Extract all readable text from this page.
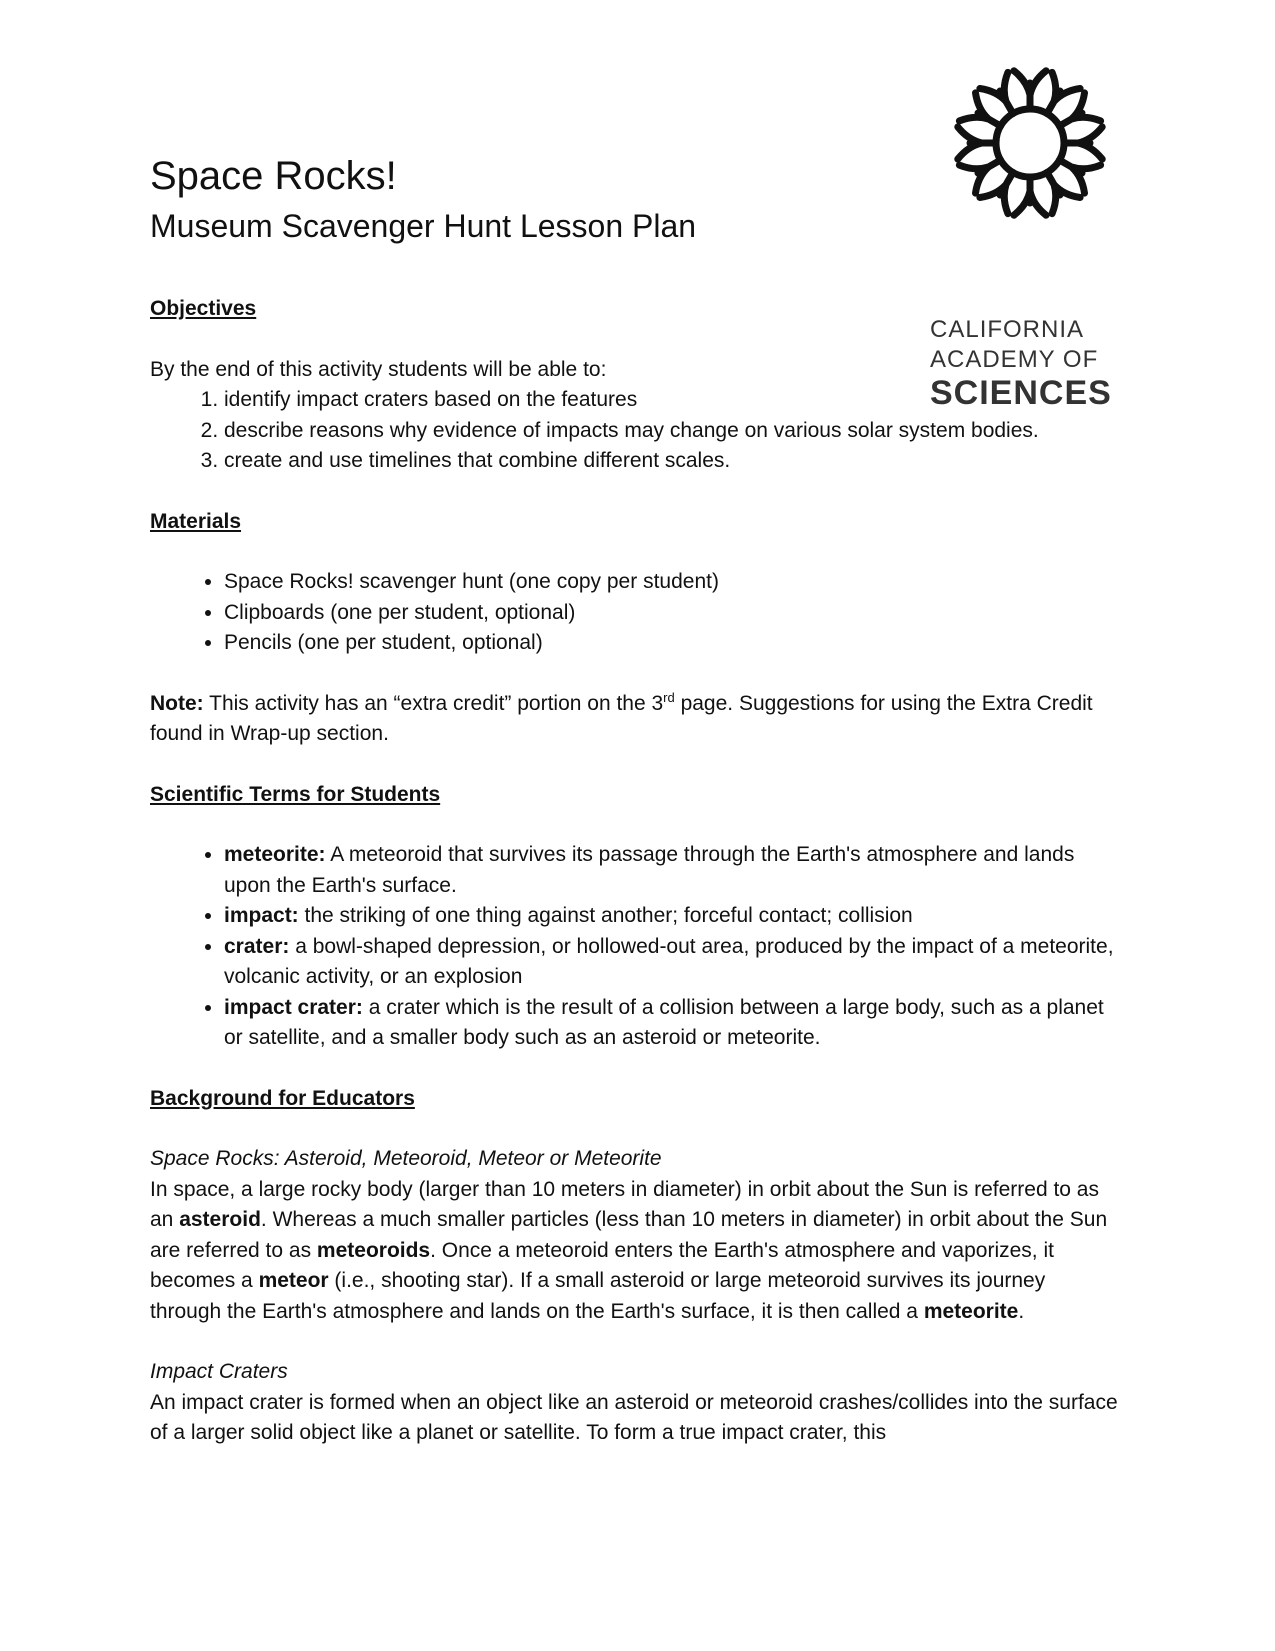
Space Rocks!
Museum Scavenger Hunt Lesson Plan
CALIFORNIA
ACADEMY OF
SCIENCES
Objectives

By the end of this activity students will be able to:

1. identify impact craters based on the features
2. describe reasons why evidence of impacts may change on various solar system bodies.
3. create and use timelines that combine different scales.
Materials
• Space Rocks! scavenger hunt (one copy per student)
• Clipboards (one per student, optional)
• Pencils (one per student, optional)

Note: This activity has an “extra credit” portion on the 3rd page. Suggestions for using the Extra Credit found in Wrap-up section.

Scientific Terms for Students
• meteorite: A meteoroid that survives its passage through the Earth's atmosphere and lands upon the Earth's surface.
• impact: the striking of one thing against another; forceful contact; collision
• crater: a bowl-shaped depression, or hollowed-out area, produced by the impact of a meteorite, volcanic activity, or an explosion
• impact crater: a crater which is the result of a collision between a large body, such as a planet or satellite, and a smaller body such as an asteroid or meteorite.
Background for Educators

Space Rocks: Asteroid, Meteoroid, Meteor or Meteorite

In space, a large rocky body (larger than 10 meters in diameter) in orbit about the Sun is referred to as an asteroid. Whereas a much smaller particles (less than 10 meters in diameter) in orbit about the Sun are referred to as meteoroids. Once a meteoroid enters the Earth's atmosphere and vaporizes, it becomes a meteor (i.e., shooting star). If a small asteroid or large meteoroid survives its journey through the Earth's atmosphere and lands on the Earth's surface, it is then called a meteorite.

Impact Craters

An impact crater is formed when an object like an asteroid or meteoroid crashes/collides into the surface of a larger solid object like a planet or satellite. To form a true impact crater, this
